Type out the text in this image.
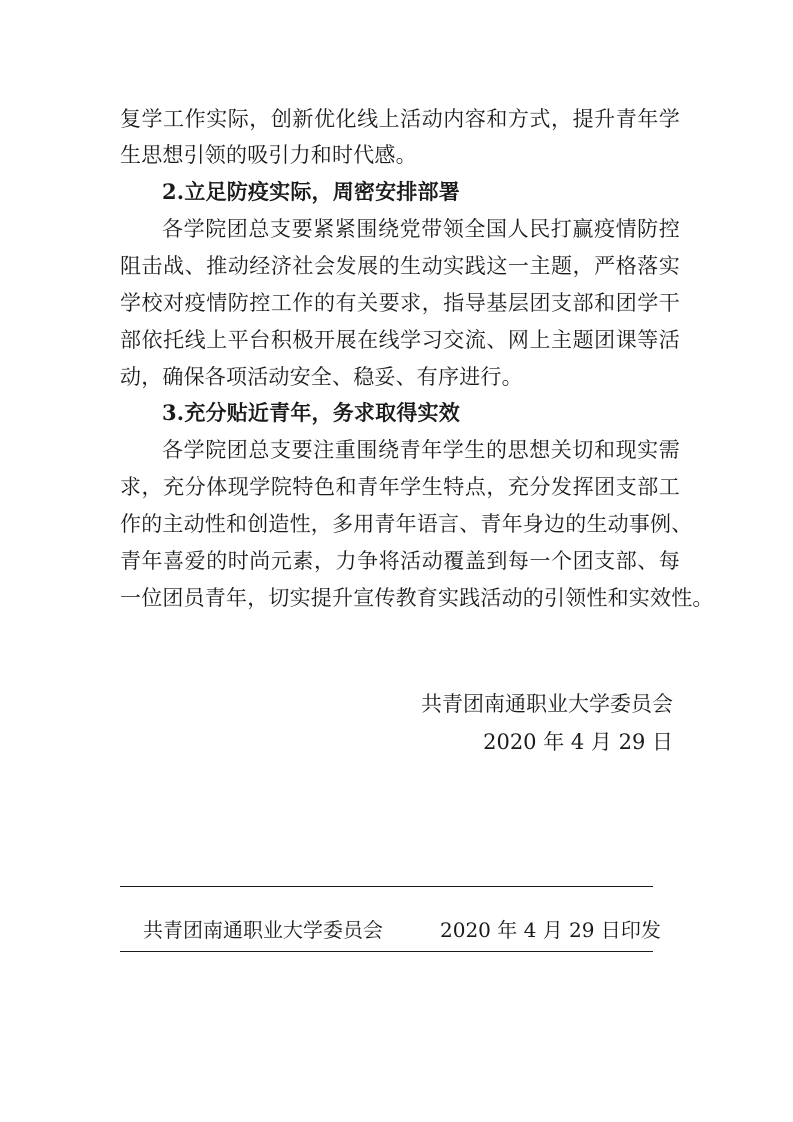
复学工作实际，创新优化线上活动内容和方式，提升青年学
生思想引领的吸引力和时代感。
2.立足防疫实际，周密安排部署
各学院团总支要紧紧围绕党带领全国人民打赢疫情防控
阻击战、推动经济社会发展的生动实践这一主题，严格落实
学校对疫情防控工作的有关要求，指导基层团支部和团学干
部依托线上平台积极开展在线学习交流、网上主题团课等活
动，确保各项活动安全、稳妥、有序进行。
3.充分贴近青年，务求取得实效
各学院团总支要注重围绕青年学生的思想关切和现实需
求，充分体现学院特色和青年学生特点，充分发挥团支部工
作的主动性和创造性，多用青年语言、青年身边的生动事例、
青年喜爱的时尚元素，力争将活动覆盖到每一个团支部、每
一位团员青年，切实提升宣传教育实践活动的引领性和实效性。
共青团南通职业大学委员会
2020 年 4 月 29 日
共青团南通职业大学委员会	2020 年 4 月 29 日印发
